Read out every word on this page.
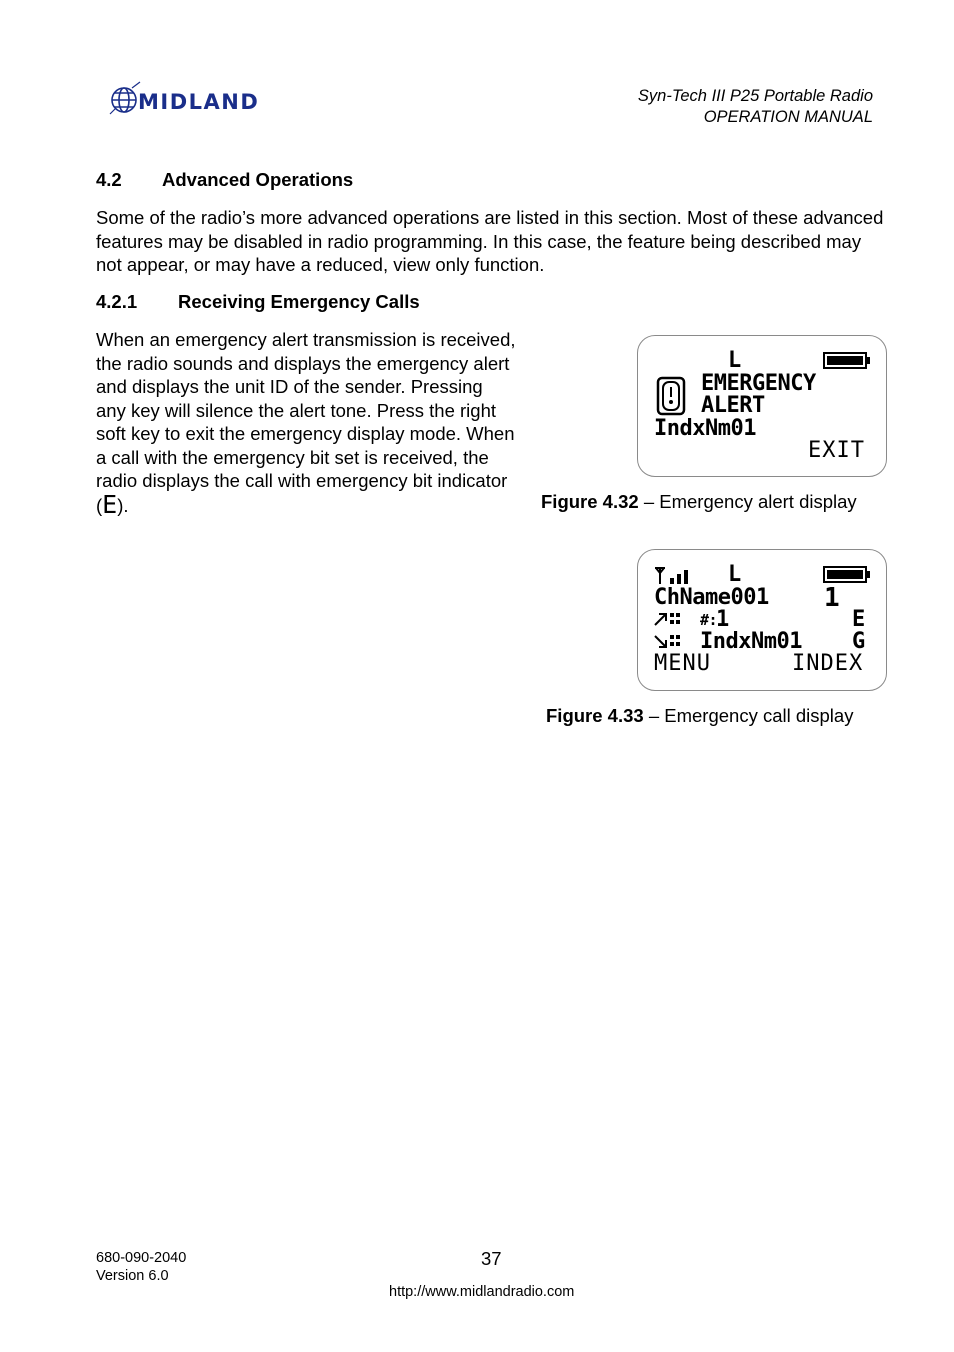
MIDLAND	Syn-Tech III P25 Portable Radio
OPERATION MANUAL
4.2 Advanced Operations
Some of the radio’s more advanced operations are listed in this section. Most of these advanced features may be disabled in radio programming. In this case, the feature being described may not appear, or may have a reduced, view only function.
4.2.1 Receiving Emergency Calls
When an emergency alert transmission is received, the radio sounds and displays the emergency alert and displays the unit ID of the sender. Pressing any key will silence the alert tone. Press the right soft key to exit the emergency display mode. When a call with the emergency bit set is received, the radio displays the call with emergency bit indicator (E).
L
EMERGENCY
ALERT
IndxNm01
EXIT
Figure 4.32 – Emergency alert display
L
ChName001 1
#:
1	E
IndxNm01 G
MENU	INDEX
Figure 4.33 – Emergency call display
680-090-2040
Version 6.0
37
http://www.midlandradio.com
